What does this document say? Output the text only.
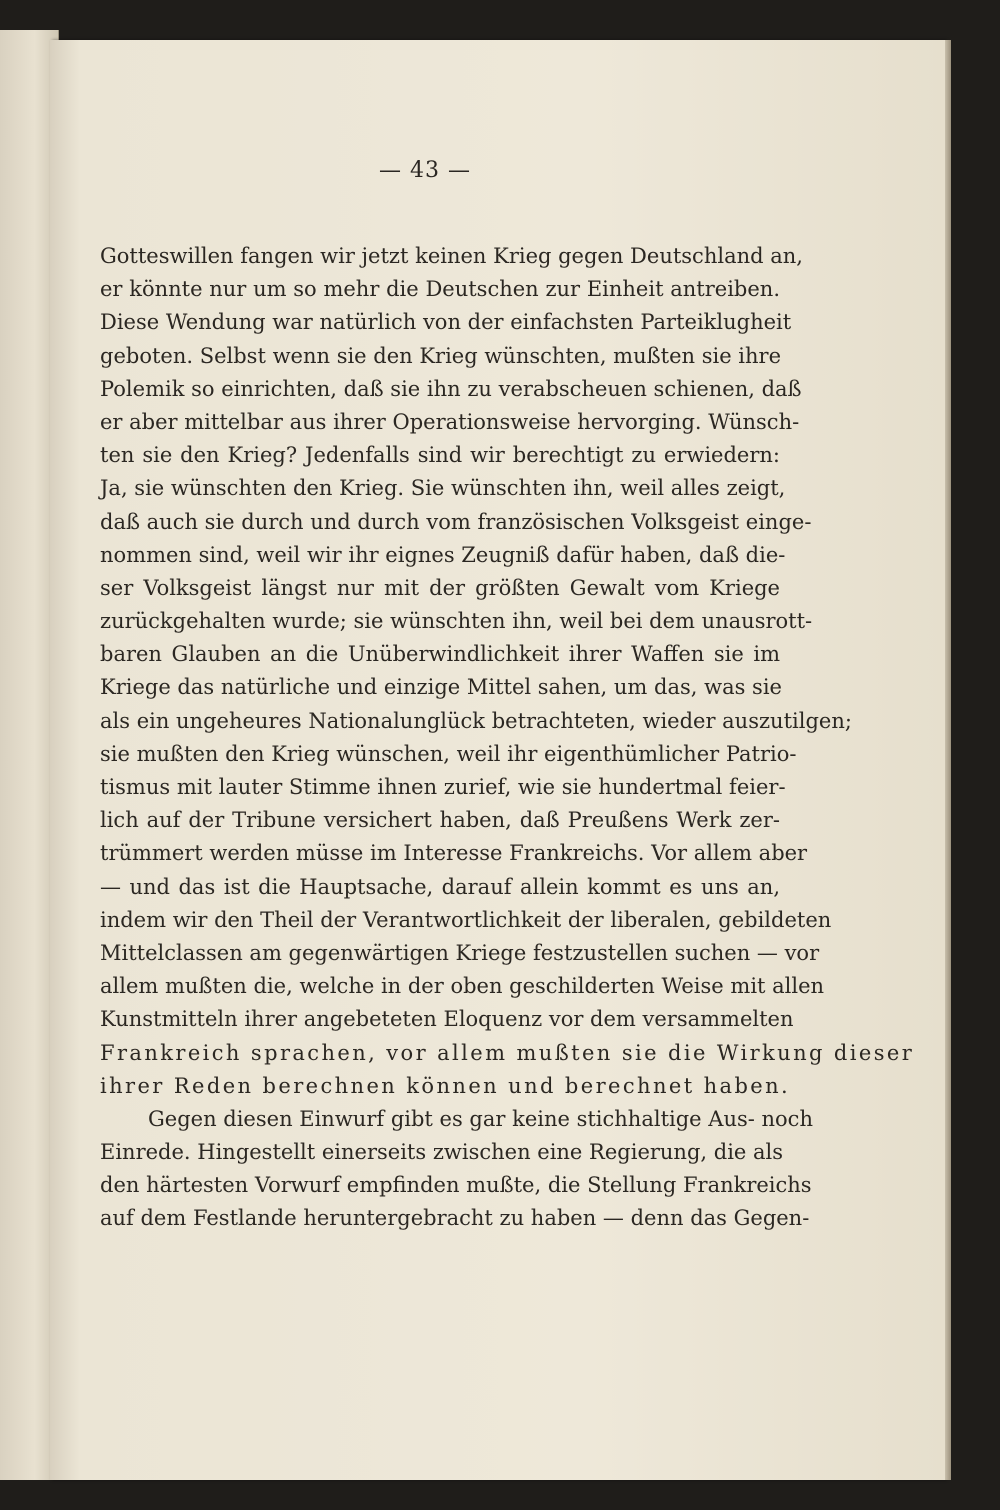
— 43 —
Gotteswillen fangen wir jetzt keinen Krieg gegen Deutschland an,
er könnte nur um so mehr die Deutschen zur Einheit antreiben.
Diese Wendung war natürlich von der einfachsten Parteiklugheit
geboten. Selbst wenn sie den Krieg wünschten, mußten sie ihre
Polemik so einrichten, daß sie ihn zu verabscheuen schienen, daß
er aber mittelbar aus ihrer Operationsweise hervorging. Wünsch-
ten sie den Krieg? Jedenfalls sind wir berechtigt zu erwiedern:
Ja, sie wünschten den Krieg. Sie wünschten ihn, weil alles zeigt,
daß auch sie durch und durch vom französischen Volksgeist einge-
nommen sind, weil wir ihr eignes Zeugniß dafür haben, daß die-
ser Volksgeist längst nur mit der größten Gewalt vom Kriege
zurückgehalten wurde; sie wünschten ihn, weil bei dem unausrott-
baren Glauben an die Unüberwindlichkeit ihrer Waffen sie im
Kriege das natürliche und einzige Mittel sahen, um das, was sie
als ein ungeheures Nationalunglück betrachteten, wieder auszutilgen;
sie mußten den Krieg wünschen, weil ihr eigenthümlicher Patrio-
tismus mit lauter Stimme ihnen zurief, wie sie hundertmal feier-
lich auf der Tribune versichert haben, daß Preußens Werk zer-
trümmert werden müsse im Interesse Frankreichs. Vor allem aber
— und das ist die Hauptsache, darauf allein kommt es uns an,
indem wir den Theil der Verantwortlichkeit der liberalen, gebildeten
Mittelclassen am gegenwärtigen Kriege festzustellen suchen — vor
allem mußten die, welche in der oben geschilderten Weise mit allen
Kunstmitteln ihrer angebeteten Eloquenz vor dem versammelten
Frankreich sprachen, vor allem mußten sie die Wirkung dieser
ihrer Reden berechnen können und berechnet haben.
Gegen diesen Einwurf gibt es gar keine stichhaltige Aus- noch
Einrede. Hingestellt einerseits zwischen eine Regierung, die als
den härtesten Vorwurf empfinden mußte, die Stellung Frankreichs
auf dem Festlande heruntergebracht zu haben — denn das Gegen-
